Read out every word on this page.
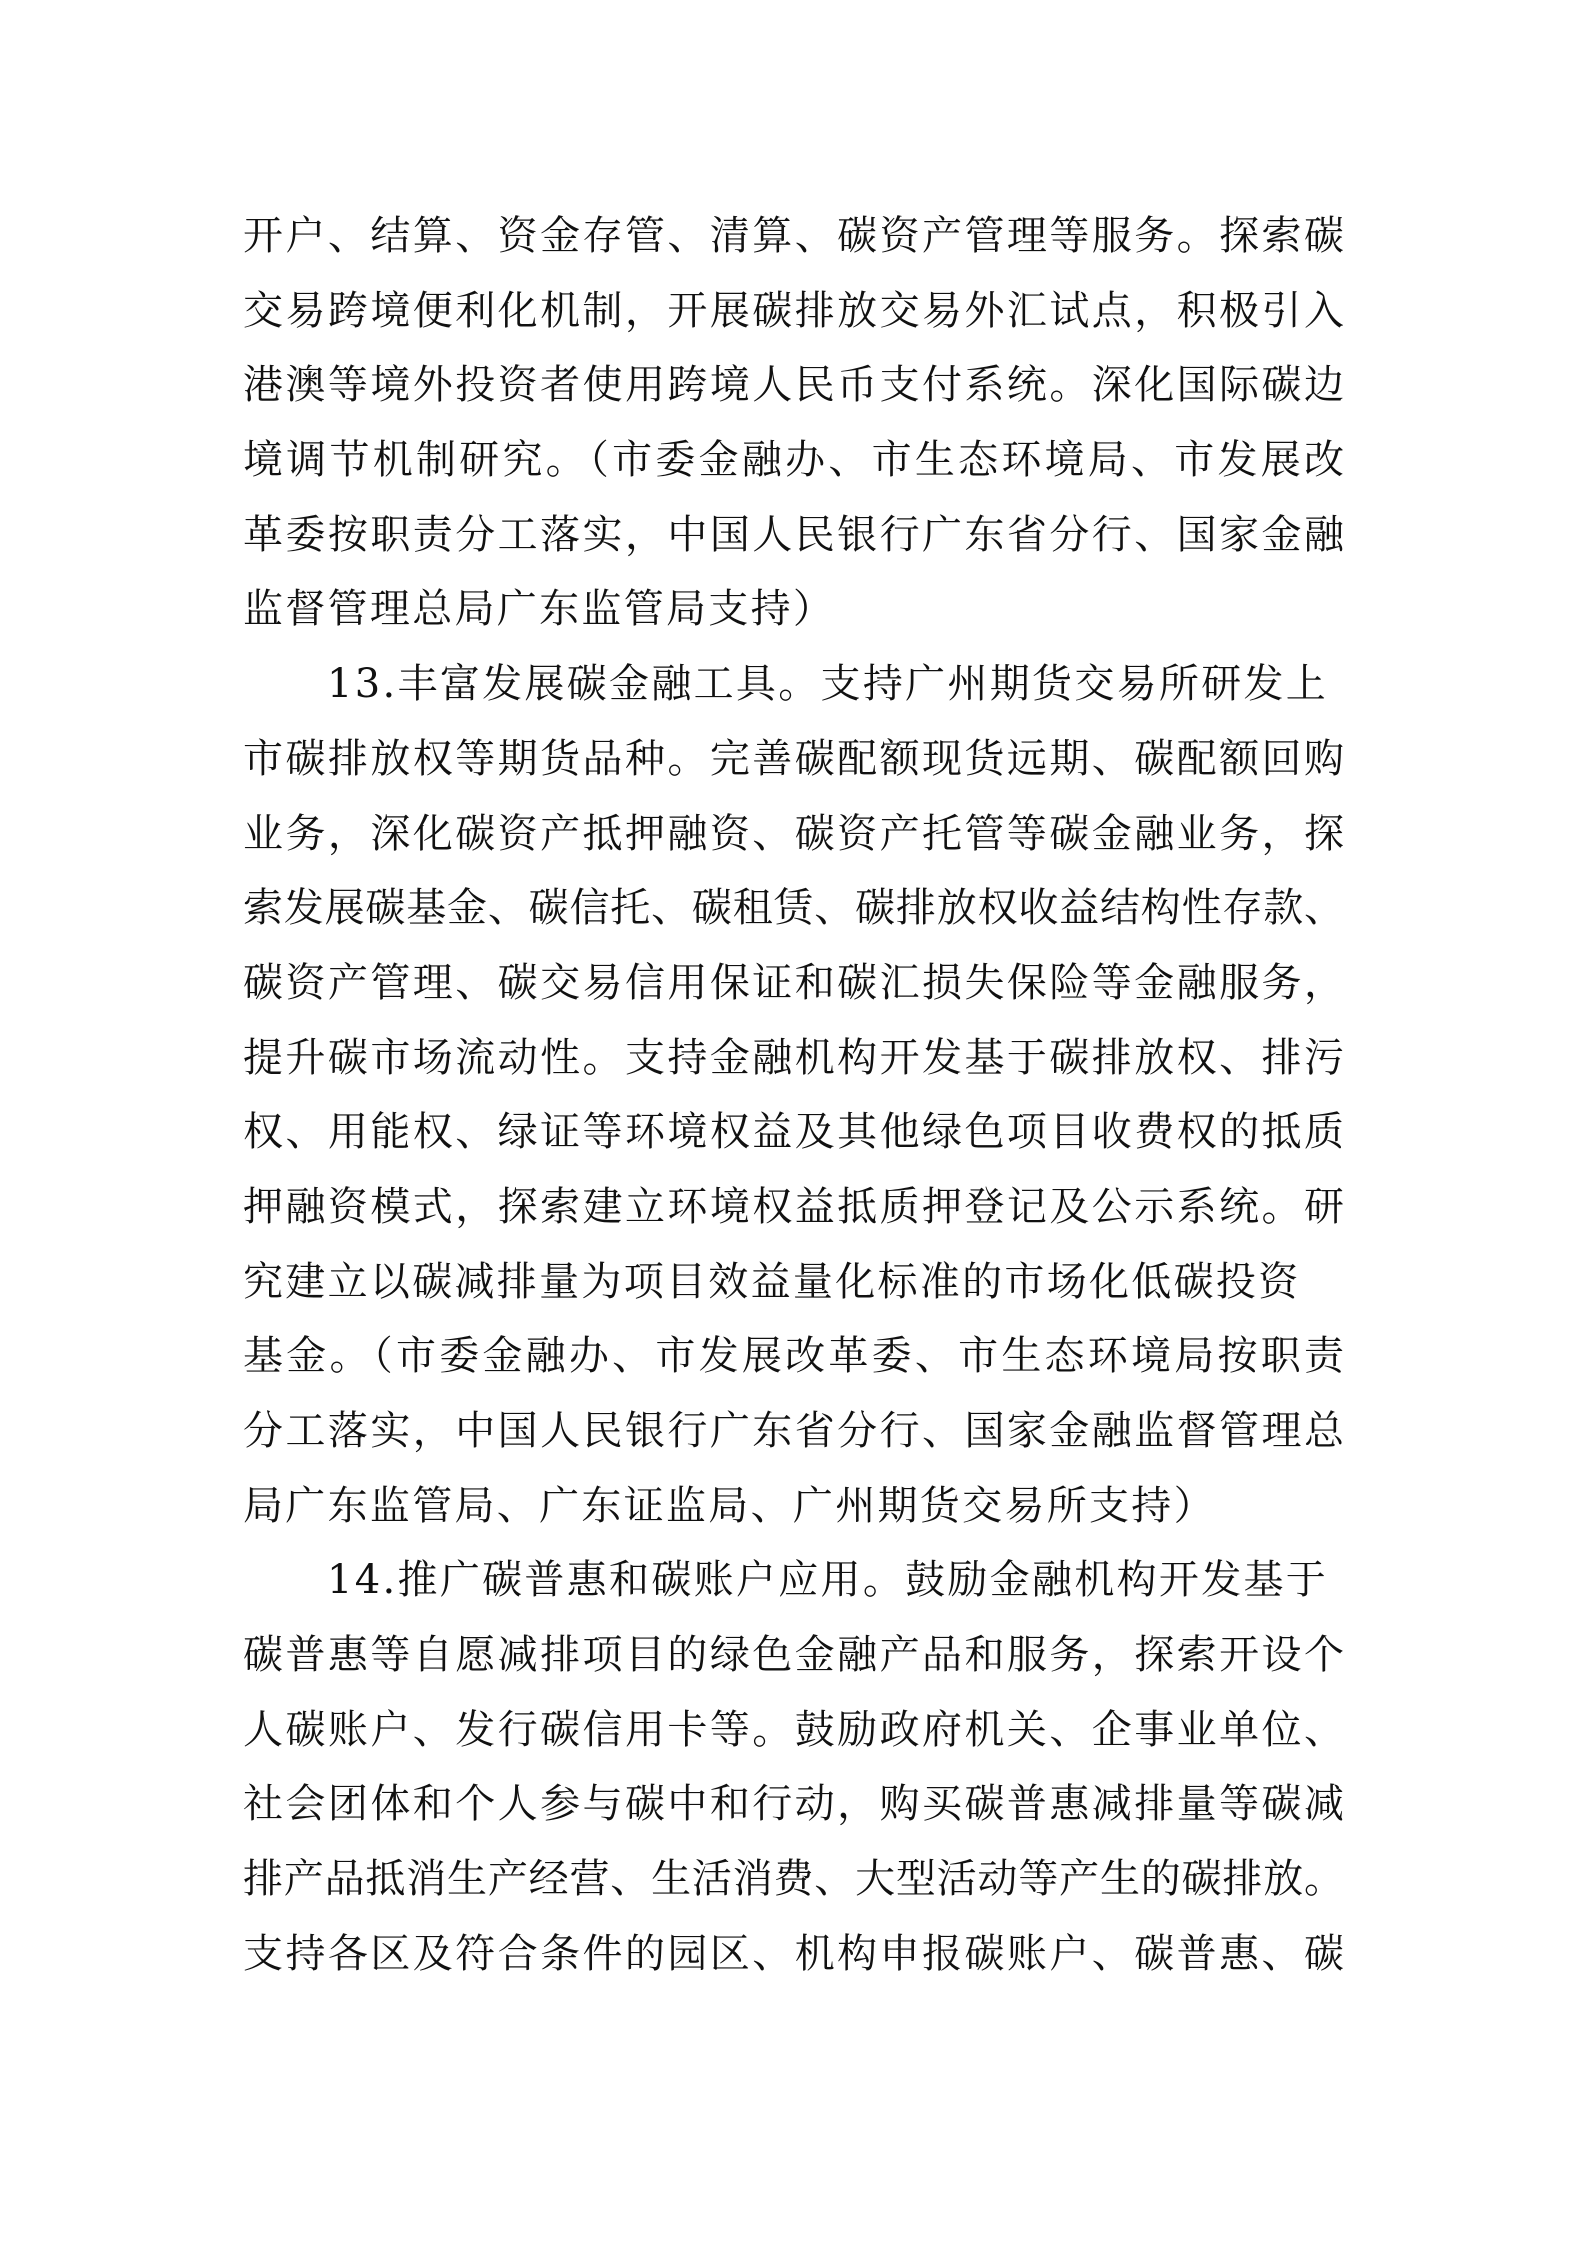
开户、结算、资金存管、清算、碳资产管理等服务。探索碳
交易跨境便利化机制，开展碳排放交易外汇试点，积极引入
港澳等境外投资者使用跨境人民币支付系统。深化国际碳边
境调节机制研究。（市委金融办、市生态环境局、市发展改
革委按职责分工落实，中国人民银行广东省分行、国家金融
监督管理总局广东监管局支持）
13.丰富发展碳金融工具。支持广州期货交易所研发上
市碳排放权等期货品种。完善碳配额现货远期、碳配额回购
业务，深化碳资产抵押融资、碳资产托管等碳金融业务，探
索发展碳基金、碳信托、碳租赁、碳排放权收益结构性存款、
碳资产管理、碳交易信用保证和碳汇损失保险等金融服务，
提升碳市场流动性。支持金融机构开发基于碳排放权、排污
权、用能权、绿证等环境权益及其他绿色项目收费权的抵质
押融资模式，探索建立环境权益抵质押登记及公示系统。研
究建立以碳减排量为项目效益量化标准的市场化低碳投资
基金。（市委金融办、市发展改革委、市生态环境局按职责
分工落实，中国人民银行广东省分行、国家金融监督管理总
局广东监管局、广东证监局、广州期货交易所支持）
14.推广碳普惠和碳账户应用。鼓励金融机构开发基于
碳普惠等自愿减排项目的绿色金融产品和服务，探索开设个
人碳账户、发行碳信用卡等。鼓励政府机关、企事业单位、
社会团体和个人参与碳中和行动，购买碳普惠减排量等碳减
排产品抵消生产经营、生活消费、大型活动等产生的碳排放。
支持各区及符合条件的园区、机构申报碳账户、碳普惠、碳
